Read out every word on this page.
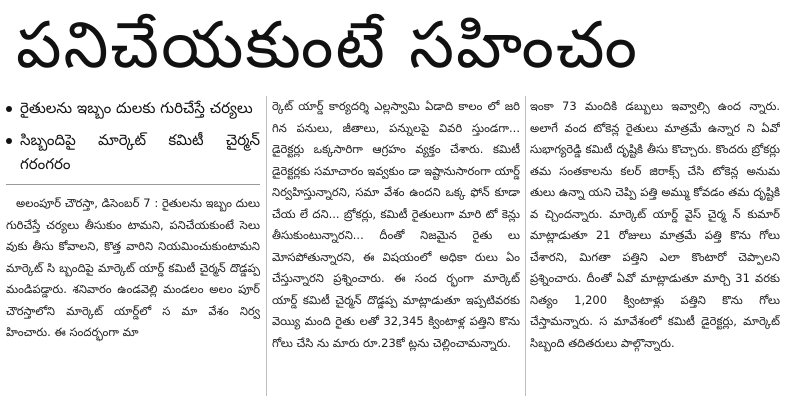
పనిచేయకుంటే సహించం
రైతులను ఇబ్బం దులకు గురిచేస్తే చర్యలు
సిబ్బందిపై మార్కెట్ కమిటీ చైర్మన్ గరంగరం

అలంపూర్ చౌరస్తా, డిసెంబర్ 7 : రైతులను ఇబ్బం దులు గురిచేస్తే చర్యలు తీసుకుం టామని, పనిచేయకుంటే సెలు వుకు తీసు కోవాలని, కొత్త వారిని నియమించుకుంటామని మార్కెట్ సి బ్బందిపై మార్కెట్ యార్డ్ కమిటీ చైర్మన్ దొడ్డప్ప మండిపడ్డారు. శనివారం ఉండవెల్లి మండలం అలం పూర్ చౌరస్తాలోని మార్కెట్ యార్డ్‌లో స మా వేశం నిర్వ హించారు. ఈ సందర్భంగా మా

ర్కెట్ యార్డ్ కార్యదర్శి ఎల్లస్వామి ఏడాది కాలం లో జరి గిన పనులు, జీతాలు, పన్నులపై వివరి స్తుండగా... డైరెక్టర్లు ఒక్కసారిగా ఆగ్రహం వ్యక్తం చేశారు. కమిటీ డైరెక్టర్లకు సమాచారం ఇవ్వకుం డా ఇష్టానుసారంగా యార్డ్ నిర్వహిస్తున్నారని, సమా వేశం ఉందని ఒక్క ఫోన్ కూడా చేయ లే దని... బ్రోకర్లు, కమిటీ రైతులుగా మారి టో కెన్లు తీసుకుంటున్నారని... దీంతో నిజమైన రైతు లు మోసపోతున్నారని, ఈ విషయంలో అధికా రులు ఏం చేస్తున్నారని ప్రశ్నించారు. ఈ సంద ర్భంగా మార్కెట్ యార్డ్ కమిటీ చైర్మన్ దొడ్డప్ప మాట్లాడుతూ ఇప్పటివరకు వెయ్యి మంది రైతు లతో 32,345 క్వింటాళ్ల పత్తిని కొను గోలు చేసి ను మారు రూ.23కో ట్లను చెల్లించామన్నారు.

ఇంకా 73 మందికి డబ్బులు ఇవ్వాల్సి ఉంద న్నారు. అలాగే వంద టోకెన్ల రైతులు మాత్రమే ఉన్నార ని ఏవో సుభాగ్యరెడ్డి కమిటీ దృష్టికి తీసు కొచ్చారు. కొందరు బ్రోకర్లు తమ సంతకాలను కలర్ జిరాక్స్ చేసి టోకెన్ల అనుమ తులు ఉన్నా యని చెప్పి పత్తి అమ్ము కోవడం తమ దృష్టికి వ చ్చిందన్నారు. మార్కెట్ యార్డ్ వైస్ చైర్మ న్ కుమార్ మాట్లాడుతూ 21 రోజులు మాత్రమే పత్తి కొను గోలు చేశారని, మిగతా పత్తిని ఎలా కొంటారో చెప్పాలని ప్రశ్నించారు. దీంతో ఏవో మాట్లాడుతూ మార్చి 31 వరకు నిత్యం 1,200 క్వింటాళ్లు పత్తిని కొను గోలు చేస్తామన్నారు. స మావేశంలో కమిటీ డైరెక్టర్లు, మార్కెట్ సిబ్బంది తదితరులు పాల్గొన్నారు.
